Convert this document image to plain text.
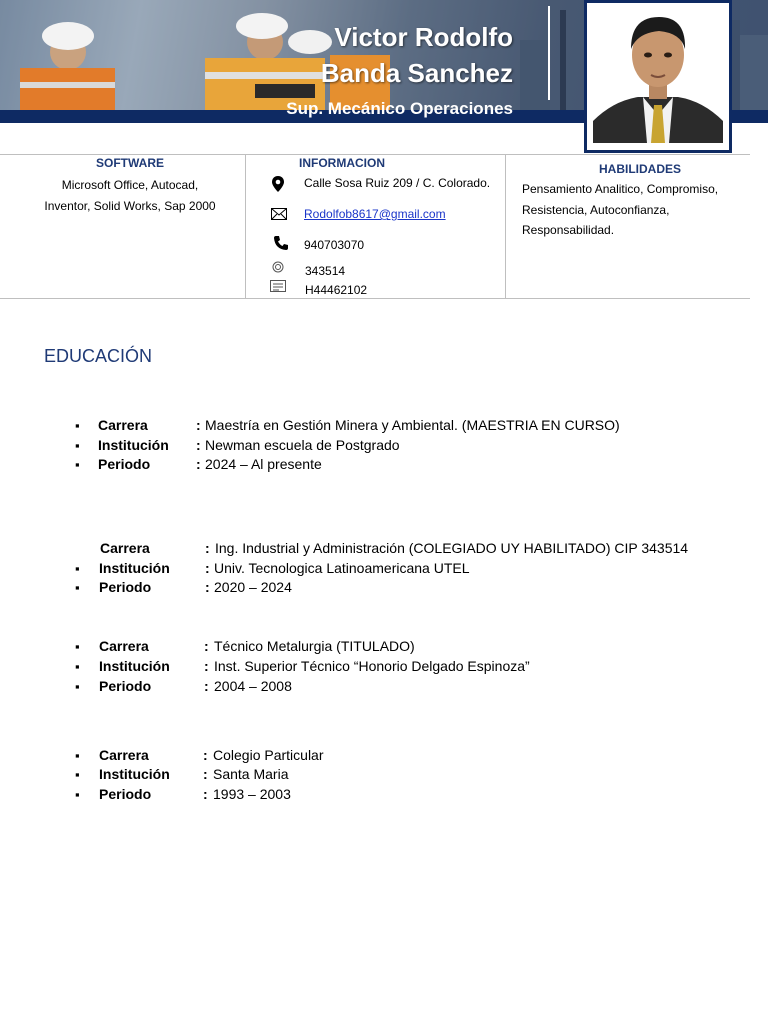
Victor Rodolfo
Banda Sanchez
Sup. Mecánico Operaciones
SOFTWARE
Microsoft Office, Autocad,
Inventor, Solid Works, Sap 2000
INFORMACION
Calle Sosa Ruiz 209 / C. Colorado.
Rodolfob8617@gmail.com
940703070
343514
H44462102
HABILIDADES
Pensamiento Analitico, Compromiso,
Resistencia, Autoconfianza,
Responsabilidad.
EDUCACIÓN
▪ Carrera	: Maestría en Gestión Minera y Ambiental. (MAESTRIA EN CURSO)
▪ Institución : Newman escuela de Postgrado
▪ Periodo	: 2024 – Al presente
Carrera	: Ing. Industrial y Administración (COLEGIADO UY HABILITADO) CIP 343514
▪ Institución	: Univ. Tecnologica Latinoamericana UTEL
▪ Periodo	: 2020 – 2024
▪ Carrera	: Técnico Metalurgia (TITULADO)
▪ Institución : Inst. Superior Técnico “Honorio Delgado Espinoza”
▪ Periodo	: 2004 – 2008
▪ Carrera	: Colegio Particular
▪ Institución : Santa Maria
▪ Periodo	: 1993 – 2003
